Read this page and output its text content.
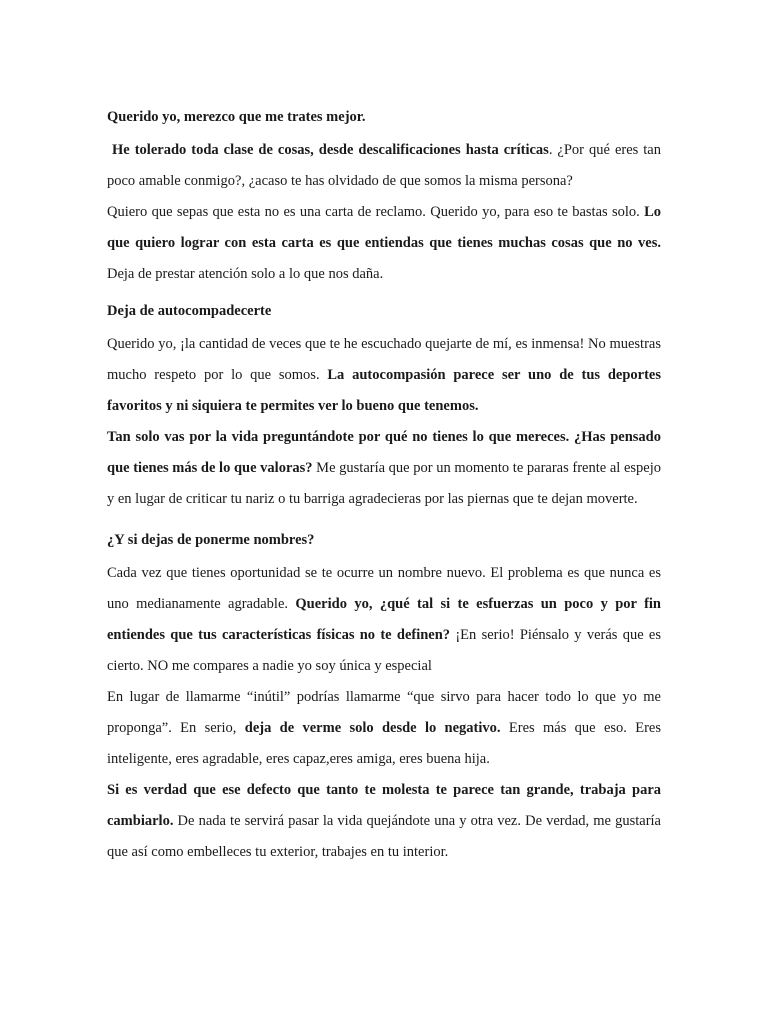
Querido yo, merezco que me trates mejor.

He tolerado toda clase de cosas, desde descalificaciones hasta críticas. ¿Por qué eres tan poco amable conmigo?, ¿acaso te has olvidado de que somos la misma persona?

Quiero que sepas que esta no es una carta de reclamo. Querido yo, para eso te bastas solo. Lo que quiero lograr con esta carta es que entiendas que tienes muchas cosas que no ves. Deja de prestar atención solo a lo que nos daña.

Deja de autocompadecerte

Querido yo, ¡la cantidad de veces que te he escuchado quejarte de mí, es inmensa! No muestras mucho respeto por lo que somos. La autocompasión parece ser uno de tus deportes favoritos y ni siquiera te permites ver lo bueno que tenemos.

Tan solo vas por la vida preguntándote por qué no tienes lo que mereces. ¿Has pensado que tienes más de lo que valoras? Me gustaría que por un momento te pararas frente al espejo y en lugar de criticar tu nariz o tu barriga agradecieras por las piernas que te dejan moverte.

¿Y si dejas de ponerme nombres?

Cada vez que tienes oportunidad se te ocurre un nombre nuevo. El problema es que nunca es uno medianamente agradable. Querido yo, ¿qué tal si te esfuerzas un poco y por fin entiendes que tus características físicas no te definen? ¡En serio! Piénsalo y verás que es cierto. NO me compares a nadie yo soy única y especial

En lugar de llamarme “inútil” podrías llamarme “que sirvo para hacer todo lo que yo me proponga”. En serio, deja de verme solo desde lo negativo. Eres más que eso. Eres inteligente, eres agradable, eres capaz,eres amiga, eres buena hija.

Si es verdad que ese defecto que tanto te molesta te parece tan grande, trabaja para cambiarlo. De nada te servirá pasar la vida quejándote una y otra vez. De verdad, me gustaría que así como embelleces tu exterior, trabajes en tu interior.
